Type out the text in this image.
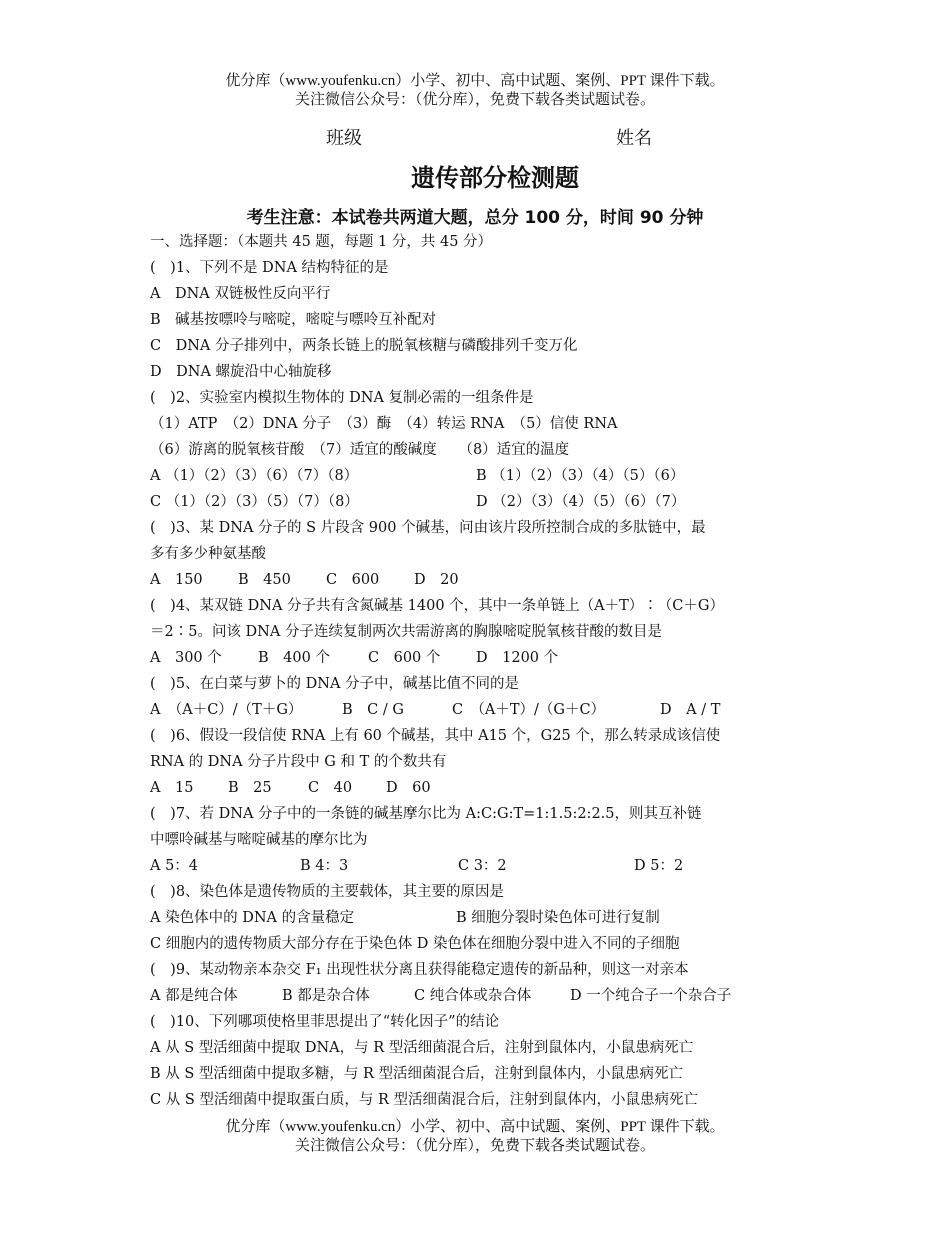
优分库（www.youfenku.cn）小学、初中、高中试题、案例、PPT 课件下载。
关注微信公众号：（优分库），免费下载各类试题试卷。
班级	姓名
遗传部分检测题
考生注意：本试卷共两道大题，总分 100 分，时间 90 分钟
一、选择题：（本题共 45 题，每题 1 分，共 45 分）
(　)1、下列不是 DNA 结构特征的是
A　DNA 双链极性反向平行
B　碱基按嘌呤与嘧啶，嘧啶与嘌呤互补配对
C　DNA 分子排列中，两条长链上的脱氧核糖与磷酸排列千变万化
D　DNA 螺旋沿中心轴旋移
(　)2、实验室内模拟生物体的 DNA 复制必需的一组条件是
（1）ATP　（2）DNA 分子　（3）酶　（4）转运 RNA　（5）信使 RNA
（6）游离的脱氧核苷酸　（7）适宜的酸碱度　　（8）适宜的温度
A （1）（2）（3）（6）（7）（8）	B （1）（2）（3）（4）（5）（6）
C （1）（2）（3）（5）（7）（8）	D （2）（3）（4）（5）（6）（7）
(　)3、某 DNA 分子的 S 片段含 900 个碱基，问由该片段所控制合成的多肽链中，最
多有多少种氨基酸
A　150	B　450	C　600	D　20
(　)4、某双链 DNA 分子共有含氮碱基 1400 个，其中一条单链上（A＋T）∶（C＋G）
＝2∶5。问该 DNA 分子连续复制两次共需游离的胸腺嘧啶脱氧核苷酸的数目是
A　300 个	B　400 个	C　600 个	D　1200 个
(　)5、在白菜与萝卜的 DNA 分子中，碱基比值不同的是
A　（A＋C）/（T＋G）	B　C / G	C　（A＋T）/（G＋C）	D　A / T
(　)6、假设一段信使 RNA 上有 60 个碱基，其中 A15 个，G25 个，那么转录成该信使
RNA 的 DNA 分子片段中 G 和 T 的个数共有
A　15	B　25	C　40	D　60
(　)7、若 DNA 分子中的一条链的碱基摩尔比为 A:C:G:T=1:1.5:2:2.5，则其互补链
中嘌呤碱基与嘧啶碱基的摩尔比为
A 5：4	B 4：3	C 3：2	D 5：2
(　)8、染色体是遗传物质的主要载体，其主要的原因是
A 染色体中的 DNA 的含量稳定	B 细胞分裂时染色体可进行复制
C 细胞内的遗传物质大部分存在于染色体 D 染色体在细胞分裂中进入不同的子细胞
(　)9、某动物亲本杂交 F₁ 出现性状分离且获得能稳定遗传的新品种，则这一对亲本
A 都是纯合体	B 都是杂合体	C 纯合体或杂合体	D 一个纯合子一个杂合子
(　)10、下列哪项使格里菲思提出了“转化因子”的结论
A 从 S 型活细菌中提取 DNA，与 R 型活细菌混合后，注射到鼠体内，小鼠患病死亡
B 从 S 型活细菌中提取多糖，与 R 型活细菌混合后，注射到鼠体内，小鼠患病死亡
C 从 S 型活细菌中提取蛋白质，与 R 型活细菌混合后，注射到鼠体内，小鼠患病死亡
优分库（www.youfenku.cn）小学、初中、高中试题、案例、PPT 课件下载。
关注微信公众号：（优分库），免费下载各类试题试卷。
